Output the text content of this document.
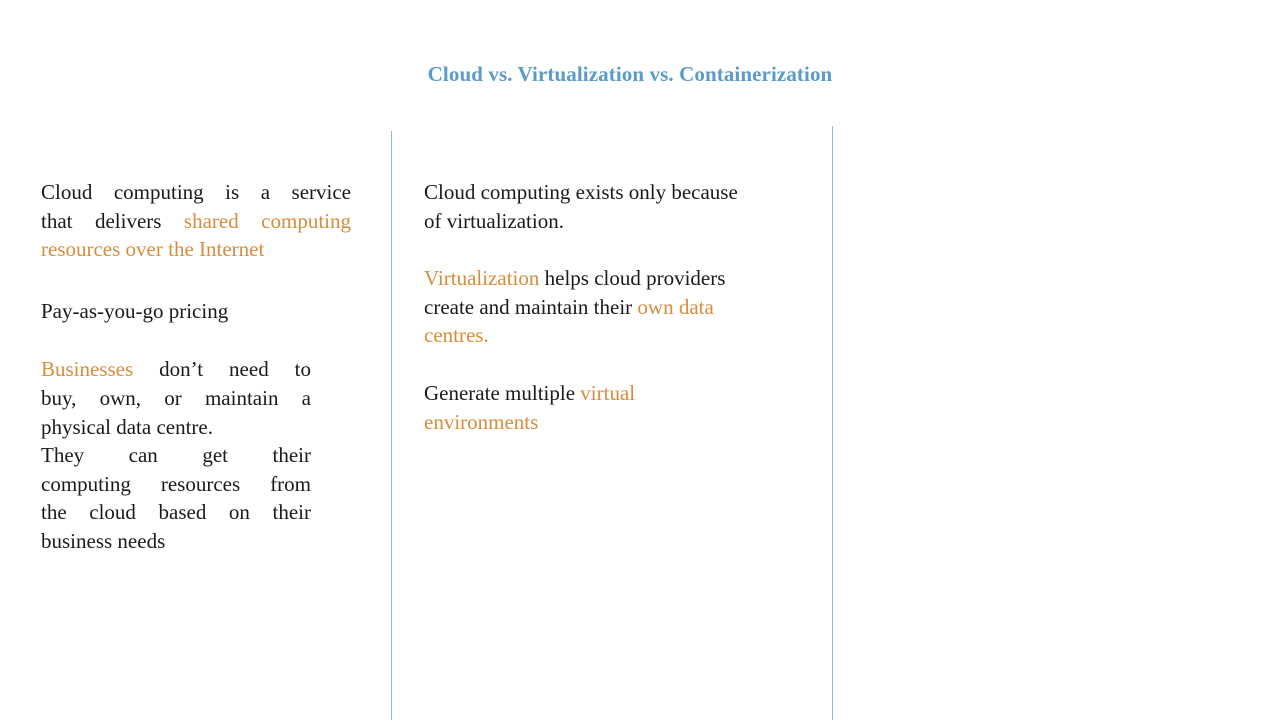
Cloud vs. Virtualization vs. Containerization

Cloud computing is a service

that delivers shared computing

resources over the Internet

Pay-as-you-go pricing

Businesses don’t need to

buy, own, or maintain a

physical data centre.

They can get their

computing resources from

the cloud based on their

business needs

Cloud computing exists only because

of virtualization.

Virtualization helps cloud providers

create and maintain their own data

centres.

Generate multiple virtual

environments
